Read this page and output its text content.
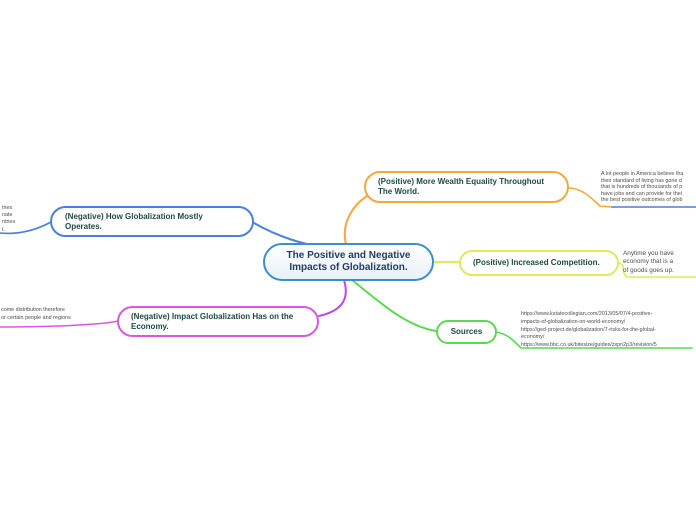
The Positive and Negative Impacts of Globalization.
(Positive) More Wealth Equality Throughout The World.
(Positive) Increased Competition.
Sources
(Negative) How Globalization Mostly Operates.
(Negative) Impact Globalization Has on the Economy.
A lot people in America believe tha
their standard of living has gone d
that is hundreds of thousands of p
have jobs and can provide for thei
the best positive outcomes of glob
Anytime you have
economy that is a
of goods goes up.
https://www.kstatecollegian.com/2013/05/07/4-positive-
impacts-of-globalization-on-world-economy/
https://ged-project.de/globalization/7-risks-for-the-global-
economy/
https://www.bbc.co.uk/bitesize/guides/zxpn2p3/revision/5
tries
nate
ntries
t.
come distribution therefore
or certain people and regions
